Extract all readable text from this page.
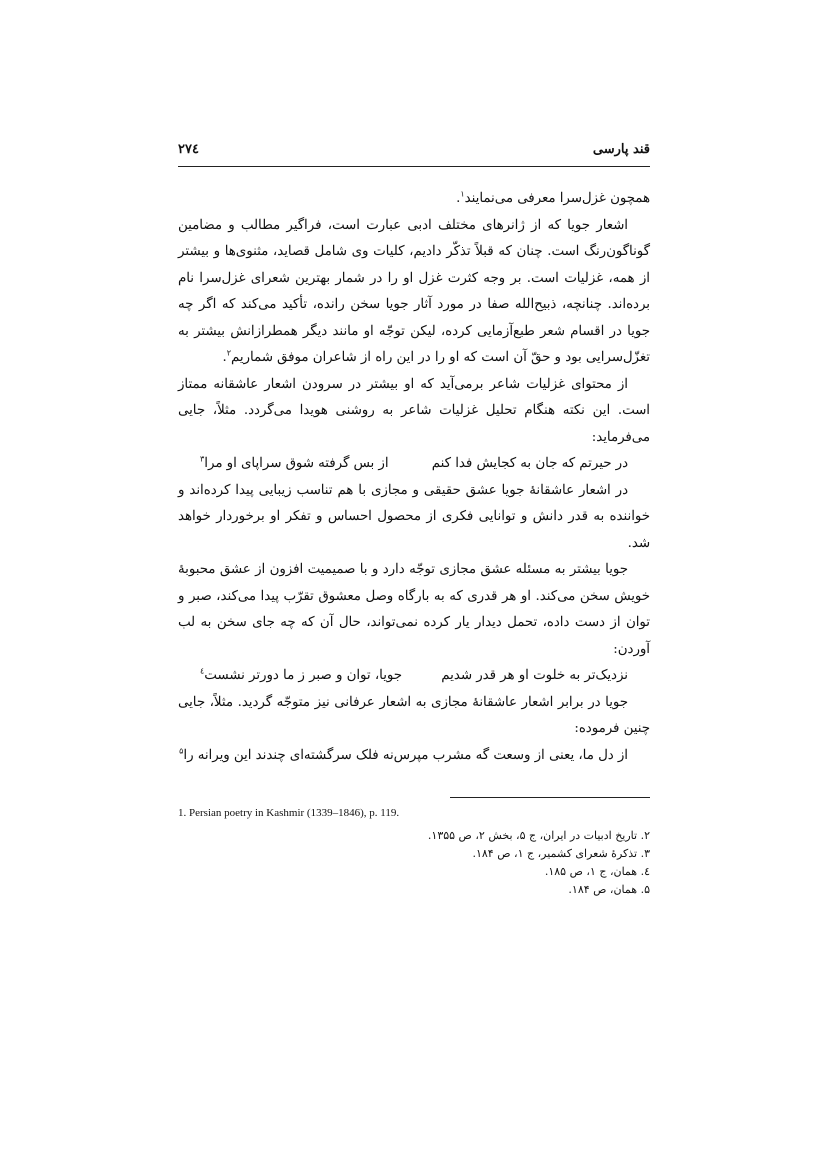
قند پارسی
۲۷٤

همچون غزل‌سرا معرفی می‌نمایند$^۱$.

اشعار جویا که از ژانرهای مختلف ادبی عبارت است، فراگیر مطالب و مضامین گوناگون‌رنگ است. چنان که قبلاً تذکّر دادیم، کلیات وی شامل قصاید، مثنوی‌ها و بیشتر از همه، غزلیات است. بر وجه کثرت غزل او را در شمار بهترین شعرای غزل‌سرا نام برده‌اند. چنانچه، ذبیح‌الله صفا در مورد آثار جویا سخن رانده، تأکید می‌کند که اگر چه جویا در اقسام شعر طبع‌آزمایی کرده، لیکن توجّه او مانند دیگر همطرازانش بیشتر به تغزّل‌سرایی بود و حقّ آن است که او را در این راه از شاعران موفق شماریم$^۲$.

از محتوای غزلیات شاعر برمی‌آید که او بیشتر در سرودن اشعار عاشقانه ممتاز است. این نکته هنگام تحلیل غزلیات شاعر به روشنی هویدا می‌گردد. مثلاً، جایی می‌فرماید:

در حیرتم که جان به کجایش فدا کنم
از بس گرفته شوق سراپای او مرا$^۳$

در اشعار عاشقانهٔ جویا عشق حقیقی و مجازی با هم تناسب زیبایی پیدا کرده‌اند و خواننده به قدر دانش و توانایی فکری از محصول احساس و تفکر او برخوردار خواهد شد.

جویا بیشتر به مسئله عشق مجازی توجّه دارد و با صمیمیت افزون از عشق محبوبهٔ خویش سخن می‌کند. او هر قدری که به بارگاه وصل معشوق تقرّب پیدا می‌کند، صبر و توان از دست داده، تحمل دیدار یار کرده نمی‌تواند، حال آن که چه جای سخن به لب آوردن:

نزدیک‌تر به خلوت او هر قدر شدیم
جویا، توان و صبر ز ما دورتر نشست$^٤$

جویا در برابر اشعار عاشقانهٔ مجازی به اشعار عرفانی نیز متوجّه گردید. مثلاً، جایی چنین فرموده:

از دل ما، یعنی از وسعت گه مشرب مپرس
نه فلک سرگشته‌ای چندند این ویرانه را$^۵$
1. Persian poetry in Kashmir (1339–1846), p. 119.

۲. تاریخ ادبیات در ایران، ج ۵، بخش ۲، ص ۱۳۵۵.

۳. تذکرهٔ شعرای کشمیر، ج ۱، ص ۱۸۴.

٤. همان، ج ۱، ص ۱۸۵.

۵. همان، ص ۱۸۴.
